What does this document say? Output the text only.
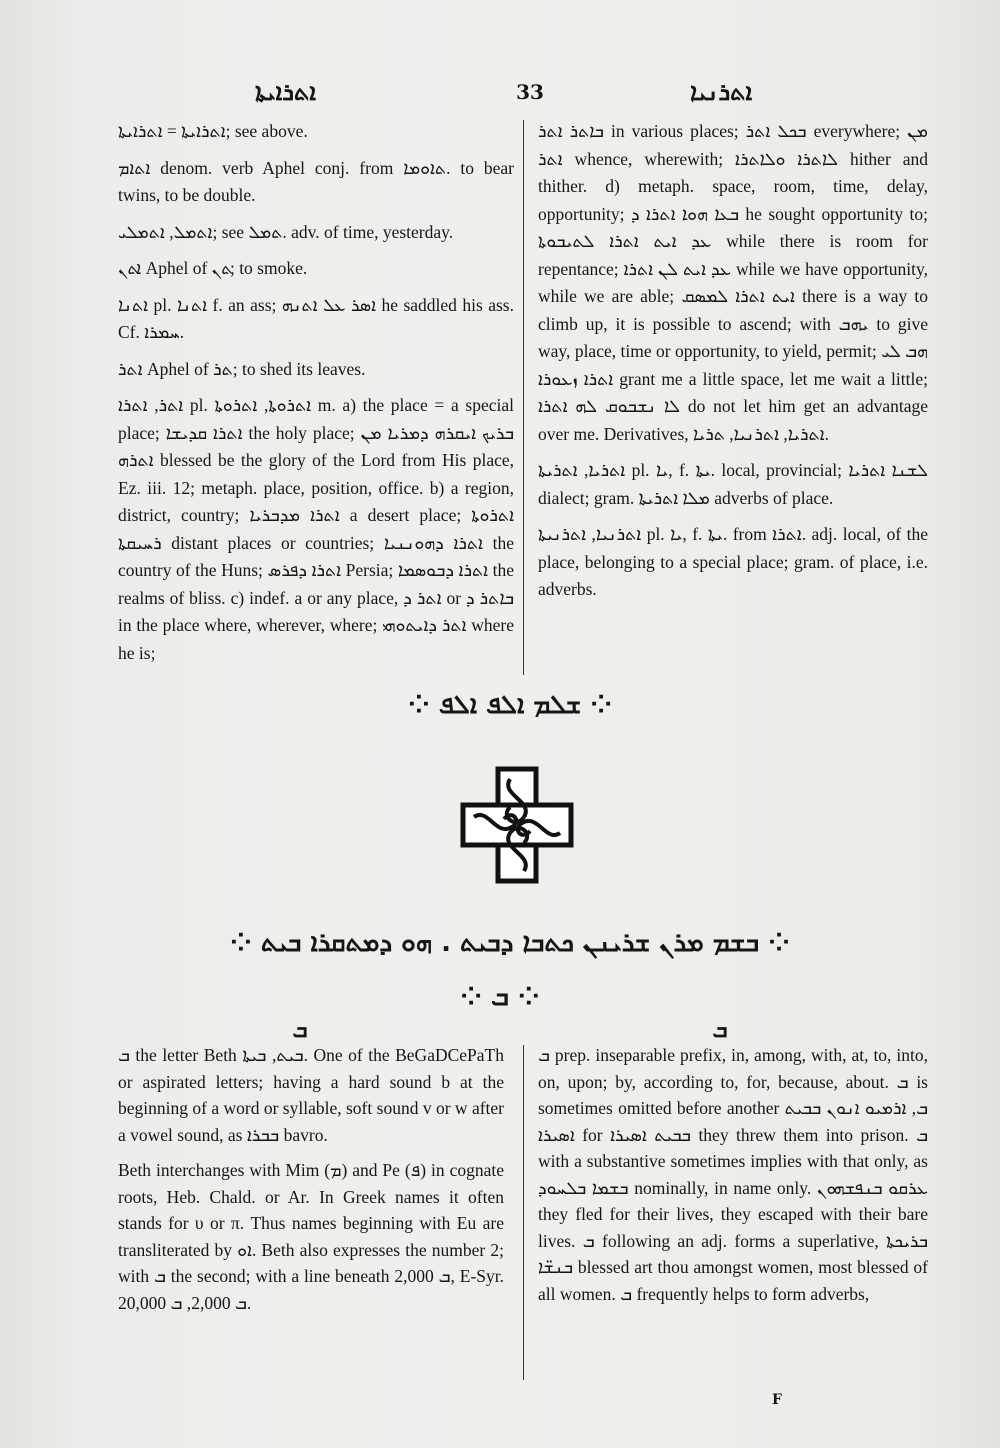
ܐܬܪܐܝܬܐ	33	ܐܬܪܢܝܐ

ܐܬܪܐܝܬܐ = ܐܬܪܐܝܬܐ; see above.

ܐܬܐܡ denom. verb Aphel conj. from ܬܐܘܡܐ. to bear twins, to be double.

ܐܬܡܠ, ܐܬܡܠܝ; see ܬܡܠ. adv. of time, yesterday.

ܐܬܢ Aphel of ܬܢ; to smoke.

ܐܬܢܐ pl. ܐܬܢܐ f. an ass; ܐܣܪ ܥܠ ܐܬܢܗ he saddled his ass. Cf. ܚܡܪܐ.

ܐܬܪ Aphel of ܬܪ; to shed its leaves.

ܐܬܪ, ܐܬܪܐ pl. ܐܬܪܘܬܐ, ܐܬܪܘܬܐ m. a) the place = a special place; ܐܬܪܐ ܩܕܝܫܐ the holy place; ܒܪܝܟ ܐܝܩܪܗ ܕܡܪܝܐ ܡܢ ܐܬܪܗ blessed be the glory of the Lord from His place, Ez. iii. 12; metaph. place, position, office. b) a region, district, country; ܐܬܪܐ ܡܕܒܪܝܐ a desert place; ܐܬܪܘܬܐ ܪܚܝܩܬܐ distant places or countries; ܐܬܪܐ ܕܗܘܢܢܝܐ the country of the Huns; ܐܬܪܐ ܕܦܪܣ Persia; ܐܬܪܐ ܕܒܘܣܡܐ the realms of bliss. c) indef. a or any place, ܐܬܪ ܕ or ܒܐܬܪ ܕ in the place where, wherever, where; ܐܬܪ ܕܐܝܬܘܗܝ where he is;

ܒܐܬܪ ܐܬܪ in various places; ܒܟܠ ܐܬܪ everywhere; ܡܢ ܐܬܪ whence, wherewith; ܠܐܬܪܐ ܘܠܐܬܪܐ hither and thither. d) metaph. space, room, time, delay, opportunity; ܒܥܐ ܗܘܐ ܐܬܪܐ ܕ he sought opportunity to; ܥܕ ܐܝܬ ܐܬܪܐ ܠܬܝܒܘܬܐ while there is room for repentance; ܥܕ ܐܝܬ ܠܢ ܐܬܪܐ while we have opportunity, while we are able; ܐܝܬ ܐܬܪܐ ܠܡܣܩ there is a way to climb up, it is possible to ascend; with ܝܗܒ to give way, place, time or opportunity, to yield, permit; ܗܒ ܠܝ ܐܬܪܐ ܙܥܘܪܐ grant me a little space, let me wait a little; ܠܐ ܢܫܒܘܩ ܠܗ ܐܬܪܐ do not let him get an advantage over me. Derivatives, ܐܬܪܝܐ, ܐܬܪܢܝܐ, ܬܪܝܐ.

ܐܬܪܝܐ, ܐܬܪܝܬܐ pl. ܝܐ, f. ܝܬܐ. local, provincial; ܠܫܢܐ ܐܬܪܝܐ dialect; gram. ܡܠܐ ܐܬܪܝܬܐ adverbs of place.

ܐܬܪܢܝܐ, ܐܬܪܢܝܬܐ pl. ܝܐ, f. ܝܬܐ. from ܐܬܪܐ. adj. local, of the place, belonging to a special place; gram. of place, i.e. adverbs.

⁘ ܫܠܡ ܐܠܦ ܐܠܦ ⁘
⁘ ܒܫܡ ܡܪܢ ܫܪܝܢܢ ܟܬܒܐ ܕܒܝܬ . ܗܘ ܕܡܬܩܪܐ ܒܝܬ ⁘
⁘ ܒ ⁘
ܒ	ܒ

ܒ the letter Beth ܒܝܬ, ܒܝܬܐ. One of the BeGaDCePaTh or aspirated letters; having a hard sound b at the beginning of a word or syllable, soft sound v or w after a vowel sound, as ܒܒܪܐ bavro.

Beth interchanges with Mim (ܡ) and Pe (ܦ) in cognate roots, Heb. Chald. or Ar. In Greek names it often stands for υ or π. Thus names beginning with Eu are transliterated by ܐܘ. Beth also expresses the number 2; with ܒ the second; with a line beneath ܒ 2,000, E-Syr. ܒ 2,000, ܒ 20,000.

ܒ prep. inseparable prefix, in, among, with, at, to, into, on, upon; by, according to, for, because, about. ܒ is sometimes omitted before another ܒ, ܐܪܡܝܘ ܐܢܘܢ ܒܒܝܬ ܐܣܝܪܐ for ܒܒܝܬ ܐܣܝܪܐ they threw them into prison. ܒ with a substantive sometimes implies with that only, as ܒܫܡܐ ܒܠܚܘܕ nominally, in name only. ܥܪܩܘ ܒܢܦܫܗܘܢ they fled for their lives, they escaped with their bare lives. ܒ following an adj. forms a superlative, ܒܪܝܟܬܐ ܒܢܫ̈ܐ blessed art thou amongst women, most blessed of all women. ܒ frequently helps to form adverbs,

F
